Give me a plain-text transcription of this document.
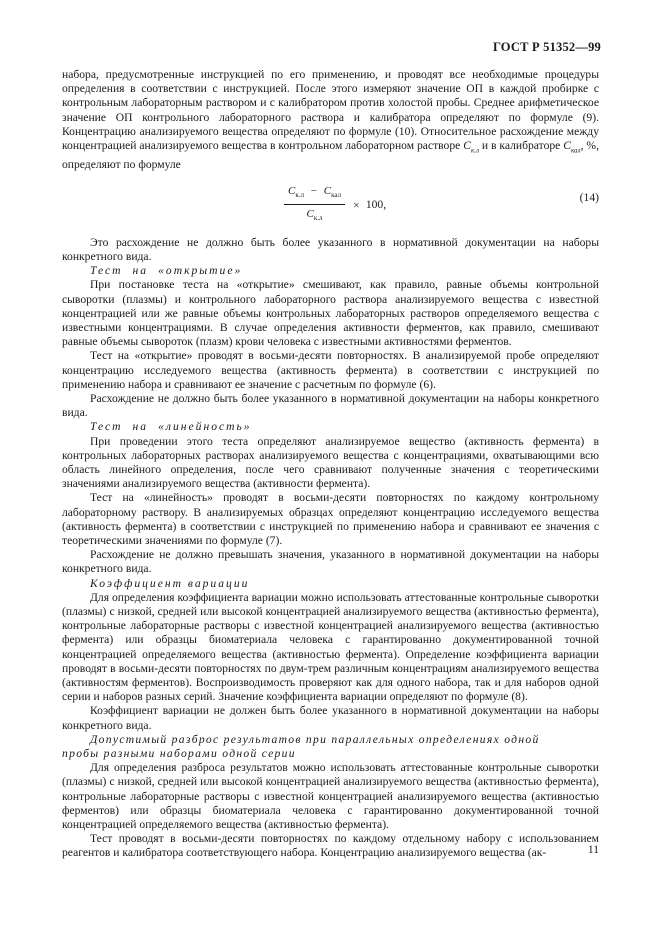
ГОСТ Р 51352—99

набора, предусмотренные инструкцией по его применению, и проводят все необходимые процедуры определения в соответствии с инструкцией. После этого измеряют значение ОП в каждой пробирке с контрольным лабораторным раствором и с калибратором против холостой пробы. Среднее арифметическое значение ОП контрольного лабораторного раствора и калибратора определяют по формуле (9). Концентрацию анализируемого вещества определяют по формуле (10). Относительное расхождение между концентрацией анализируемого вещества в контрольном лабораторном растворе $C_{к.л}$ и в калибраторе $C_{кал}$, %, определяют по формуле

$\frac{C_{к.л} - C_{кал}}{C_{к.л}} \times 100$,
(14)

Это расхождение не должно быть более указанного в нормативной документации на наборы конкретного вида.

Тест на «открытие»

При постановке теста на «открытие» смешивают, как правило, равные объемы контрольной сыворотки (плазмы) и контрольного лабораторного раствора анализируемого вещества с известной концентрацией или же равные объемы контрольных лабораторных растворов определяемого вещества с известными концентрациями. В случае определения активности ферментов, как правило, смешивают равные объемы сывороток (плазм) крови человека с известными активностями ферментов.

Тест на «открытие» проводят в восьми-десяти повторностях. В анализируемой пробе определяют концентрацию исследуемого вещества (активность фермента) в соответствии с инструкцией по применению набора и сравнивают ее значение с расчетным по формуле (6).

Расхождение не должно быть более указанного в нормативной документации на наборы конкретного вида.

Тест на «линейность»

При проведении этого теста определяют анализируемое вещество (активность фермента) в контрольных лабораторных растворах анализируемого вещества с концентрациями, охватывающими всю область линейного определения, после чего сравнивают полученные значения с теоретическими значениями анализируемого вещества (активности фермента).

Тест на «линейность» проводят в восьми-десяти повторностях по каждому контрольному лабораторному раствору. В анализируемых образцах определяют концентрацию исследуемого вещества (активность фермента) в соответствии с инструкцией по применению набора и сравнивают ее значения с теоретическими значениями по формуле (7).

Расхождение не должно превышать значения, указанного в нормативной документации на наборы конкретного вида.

Коэффициент вариации

Для определения коэффициента вариации можно использовать аттестованные контрольные сыворотки (плазмы) с низкой, средней или высокой концентрацией анализируемого вещества (активностью фермента), контрольные лабораторные растворы с известной концентрацией анализируемого вещества (активностью фермента) или образцы биоматериала человека с гарантированно документированной точной концентрацией определяемого вещества (активностью фермента). Определение коэффициента вариации проводят в восьми-десяти повторностях по двум-трем различным концентрациям анализируемого вещества (активностям ферментов). Воспроизводимость проверяют как для одного набора, так и для наборов одной серии и наборов разных серий. Значение коэффициента вариации определяют по формуле (8).

Коэффициент вариации не должен быть более указанного в нормативной документации на наборы конкретного вида.

Допустимый разброс результатов при параллельных определениях одной
пробы разными наборами одной серии

Для определения разброса результатов можно использовать аттестованные контрольные сыворотки (плазмы) с низкой, средней или высокой концентрацией анализируемого вещества (активностью фермента), контрольные лабораторные растворы с известной концентрацией анализируемого вещества (активностью ферментов) или образцы биоматериала человека с гарантированно документированной точной концентрацией определяемого вещества (активностью фермента).

Тест проводят в восьми-десяти повторностях по каждому отдельному набору с использованием реагентов и калибратора соответствующего набора. Концентрацию анализируемого вещества (ак-	11
